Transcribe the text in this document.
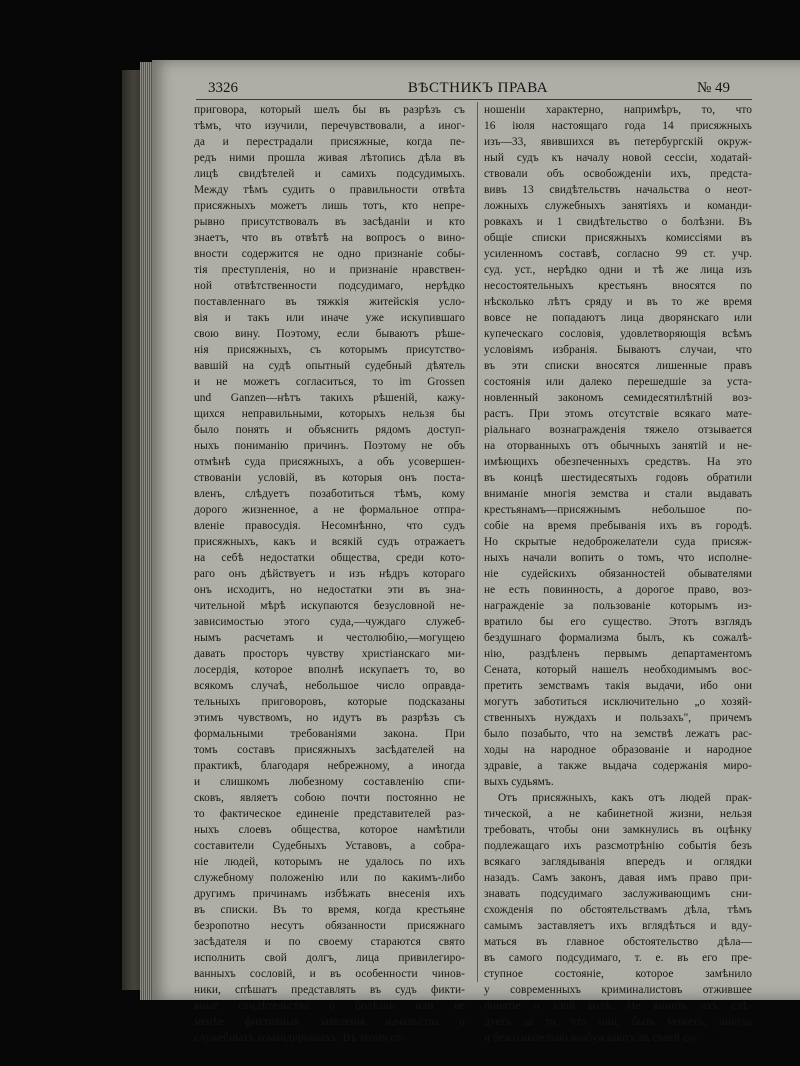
3326	ВѢСТНИКЪ ПРАВА	№ 49
приговора, который шелъ бы въ разрѣзъ съ
тѣмъ, что изучили, перечувствовали, а иног-
да и перестрадали присяжные, когда пе-
редъ ними прошла живая лѣтопись дѣла въ
лицѣ свидѣтелей и самихъ подсудимыхъ.
Между тѣмъ судить о правильности отвѣта
присяжныхъ можетъ лишь тотъ, кто непре-
рывно присутствовалъ въ засѣданіи и кто
знаетъ, что въ отвѣтѣ на вопросъ о вино-
вности содержится не одно признаніе собы-
тія преступленія, но и признаніе нравствен-
ной отвѣтственности подсудимаго, нерѣдко
поставленнаго въ тяжкія житейскія усло-
вія и такъ или иначе уже искупившаго
свою вину. Поэтому, если бываютъ рѣше-
нія присяжныхъ, съ которымъ присутство-
вавшій на судѣ опытный судебный дѣятель
и не можетъ согласиться, то im Grossen
und Ganzen—нѣтъ такихъ рѣшеній, кажу-
щихся неправильными, которыхъ нельзя бы
было понять и объяснить рядомъ доступ-
ныхъ пониманію причинъ. Поэтому не объ
отмѣнѣ суда присяжныхъ, а объ усовершен-
ствованіи условій, въ которыя онъ поста-
вленъ, слѣдуетъ позаботиться тѣмъ, кому
дорого жизненное, а не формальное отпра-
вленіе правосудія. Несомнѣнно, что судъ
присяжныхъ, какъ и всякій судъ отражаетъ
на себѣ недостатки общества, среди кото-
раго онъ дѣйствуетъ и изъ нѣдръ котораго
онъ исходитъ, но недостатки эти въ зна-
чительной мѣрѣ искупаются безусловной не-
зависимостью этого суда,—чуждаго служеб-
нымъ расчетамъ и честолюбію,—могущею
давать просторъ чувству христіанскаго ми-
лосердія, которое вполнѣ искупаетъ то, во
всякомъ случаѣ, небольшое число оправда-
тельныхъ приговоровъ, которые подсказаны
этимъ чувствомъ, но идутъ въ разрѣзъ съ
формальными требованіями закона. При
томъ составъ присяжныхъ засѣдателей на
практикѣ, благодаря небрежному, а иногда
и слишкомъ любезному составленію спи-
сковъ, являетъ собою почти постоянно не
то фактическое единеніе представителей раз-
ныхъ слоевъ общества, которое намѣтили
составители Судебныхъ Уставовъ, а собра-
ніе людей, которымъ не удалось по ихъ
служебному положенію или по какимъ-либо
другимъ причинамъ избѣжать внесенія ихъ
въ списки. Въ то время, когда крестьяне
безропотно несутъ обязанности присяжнаго
засѣдателя и по своему стараются свято
исполнить свой долгъ, лица привилегиро-
ванныхъ сословій, и въ особенности чинов-
ники, спѣшатъ представлять въ судъ фикти-
вные свидѣтельства о болѣзни или не
менѣе фиктивныя заявленія начальства о
служебныхъ командировкахъ. Въ этомъ от-
ношеніи характерно, напримѣръ, то, что
16 іюля настоящаго года 14 присяжныхъ
изъ—33, явившихся въ петербургскій окруж-
ный судъ къ началу новой сессіи, ходатай-
ствовали объ освобожденіи ихъ, предста-
вивъ 13 свидѣтельствъ начальства о неот-
ложныхъ служебныхъ занятіяхъ и команди-
ровкахъ и 1 свидѣтельство о болѣзни. Въ
общіе списки присяжныхъ комиссіями въ
усиленномъ составѣ, согласно 99 ст. учр.
суд. уст., нерѣдко одни и тѣ же лица изъ
несостоятельныхъ крестьянъ вносятся по
нѣсколько лѣтъ сряду и въ то же время
вовсе не попадаютъ лица дворянскаго или
купеческаго сословія, удовлетворяющія всѣмъ
условіямъ избранія. Бываютъ случаи, что
въ эти списки вносятся лишенные правъ
состоянія или далеко перешедшіе за уста-
новленный закономъ семидесятилѣтній воз-
растъ. При этомъ отсутствіе всякаго мате-
ріальнаго вознагражденія тяжело отзывается
на оторванныхъ отъ обычныхъ занятій и не-
имѣющихъ обезпеченныхъ средствъ. На это
въ концѣ шестидесятыхъ годовъ обратили
вниманіе многія земства и стали выдавать
крестьянамъ—присяжнымъ небольшое по-
собіе на время пребыванія ихъ въ городѣ.
Но скрытые недоброжелатели суда присяж-
ныхъ начали вопить о томъ, что исполне-
ніе судейскихъ обязанностей обывателями
не есть повинность, а дорогое право, воз-
награжденіе за пользованіе которымъ из-
вратило бы его существо. Этотъ взглядъ
бездушнаго формализма былъ, къ сожалѣ-
нію, раздѣленъ первымъ департаментомъ
Сената, который нашелъ необходимымъ вос-
претить земствамъ такія выдачи, ибо они
могутъ заботиться исключительно „о хозяй-
ственныхъ нуждахъ и пользахъ", причемъ
было позабыто, что на земствѣ лежатъ рас-
ходы на народное образованіе и народное
здравіе, а также выдача содержанія миро-
выхъ судьямъ.
Отъ присяжныхъ, какъ отъ людей прак-
тической, а не кабинетной жизни, нельзя
требовать, чтобы они замкнулись въ оцѣнку
подлежащаго ихъ разсмотрѣнію событія безъ
всякаго заглядыванія впередъ и оглядки
назадъ. Самъ законъ, давая имъ право при-
знавать подсудимаго заслуживающимъ сни-
схожденія по обстоятельствамъ дѣла, тѣмъ
самымъ заставляетъ ихъ вглядѣться и вду-
маться въ главное обстоятельство дѣла—
въ самого подсудимаго, т. е. въ его пре-
ступное состояніе, которое замѣнило
у современныхъ криминалистовъ отжившее
понятіе о злой волѣ. Не винить ихъ слѣ-
дуетъ за то, что они, быть можетъ, иногда
и безсознательно возбуждаютъ въ своей со-
